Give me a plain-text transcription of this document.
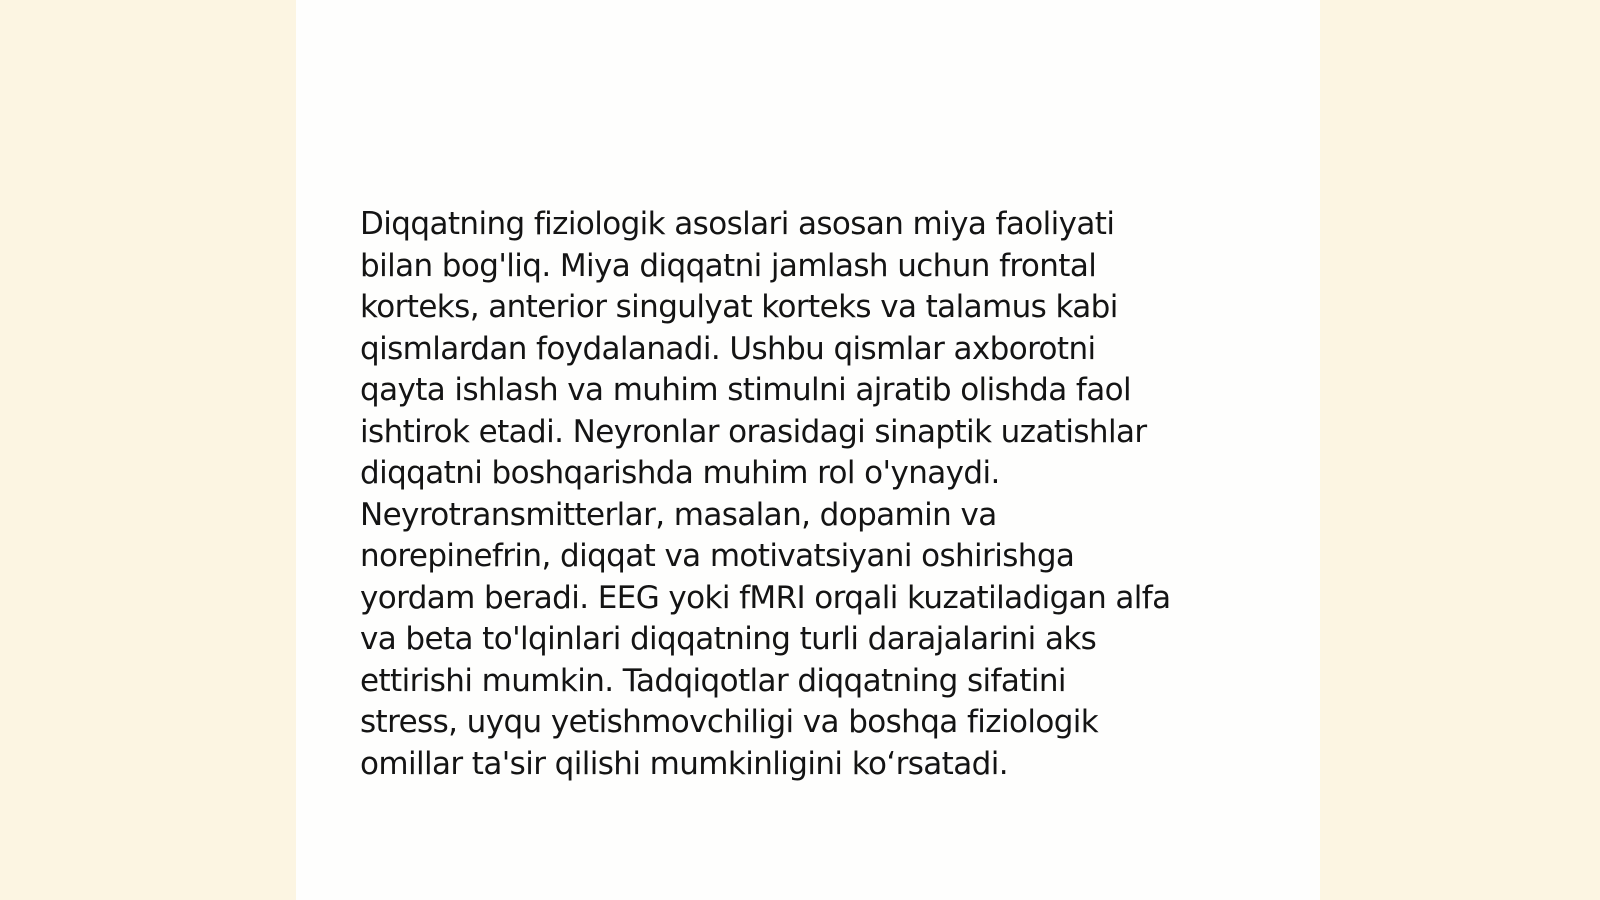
Diqqatning fiziologik asoslari asosan miya faoliyati
bilan bog'liq. Miya diqqatni jamlash uchun frontal
korteks, anterior singulyat korteks va talamus kabi
qismlardan foydalanadi. Ushbu qismlar axborotni
qayta ishlash va muhim stimulni ajratib olishda faol
ishtirok etadi. Neyronlar orasidagi sinaptik uzatishlar
diqqatni boshqarishda muhim rol o'ynaydi.
Neyrotransmitterlar, masalan, dopamin va
norepinefrin, diqqat va motivatsiyani oshirishga
yordam beradi. EEG yoki fMRI orqali kuzatiladigan alfa
va beta to'lqinlari diqqatning turli darajalarini aks
ettirishi mumkin. Tadqiqotlar diqqatning sifatini
stress, uyqu yetishmovchiligi va boshqa fiziologik
omillar ta'sir qilishi mumkinligini ko‘rsatadi.
